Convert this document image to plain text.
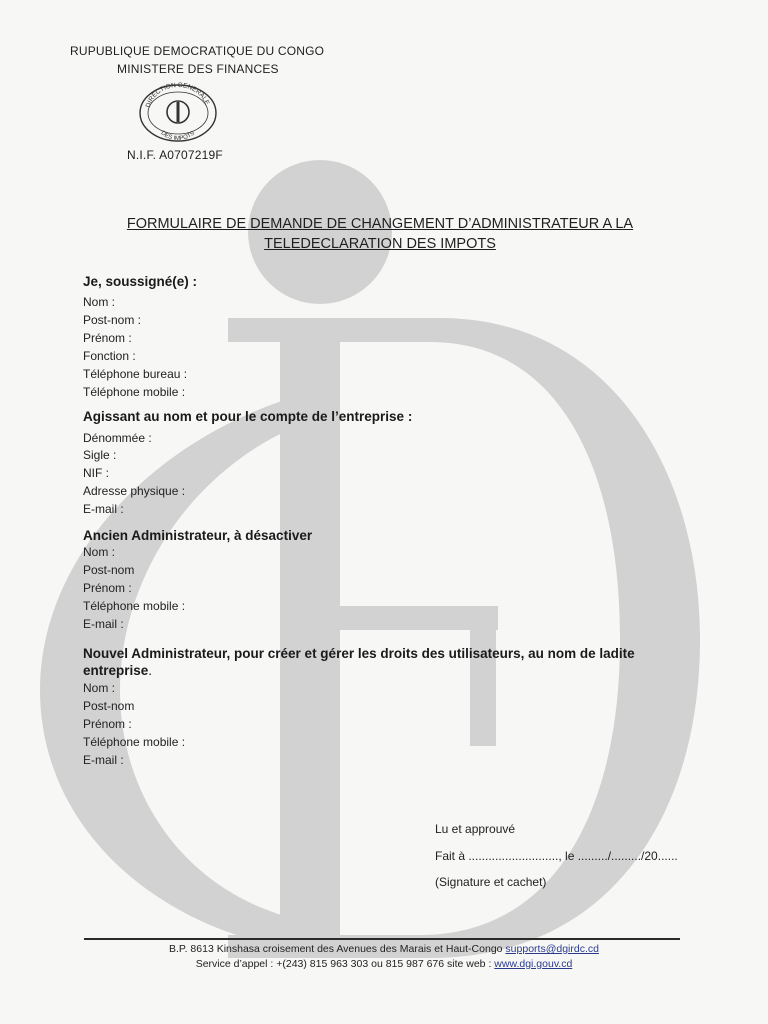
RUPUBLIQUE DEMOCRATIQUE DU CONGO
MINISTERE DES FINANCES
DIRECTION GENERALE
DES IMPOTS
N.I.F. A0707219F
FORMULAIRE DE DEMANDE DE CHANGEMENT D’ADMINISTRATEUR A LA TELEDECLARATION DES IMPOTS
Je, soussigné(e) :
Nom :
Post-nom :
Prénom :
Fonction :
Téléphone bureau :
Téléphone mobile :
Agissant au nom et pour le compte de l’entreprise :
Dénommée :
Sigle :
NIF :
Adresse physique :
E-mail :
Ancien Administrateur, à désactiver
Nom :
Post-nom
Prénom :
Téléphone mobile :
E-mail :
Nouvel Administrateur, pour créer et gérer les droits des utilisateurs, au nom de ladite
entreprise.
Nom :
Post-nom
Prénom :
Téléphone mobile :
E-mail :
Lu et approuvé
Fait à ..........................., le ........./........./20......
(Signature et cachet)
B.P. 8613 Kinshasa croisement des Avenues des Marais et Haut-Congo supports@dgirdc.cd
Service d’appel : +(243) 815 963 303 ou 815 987 676 site web : www.dgi.gouv.cd
